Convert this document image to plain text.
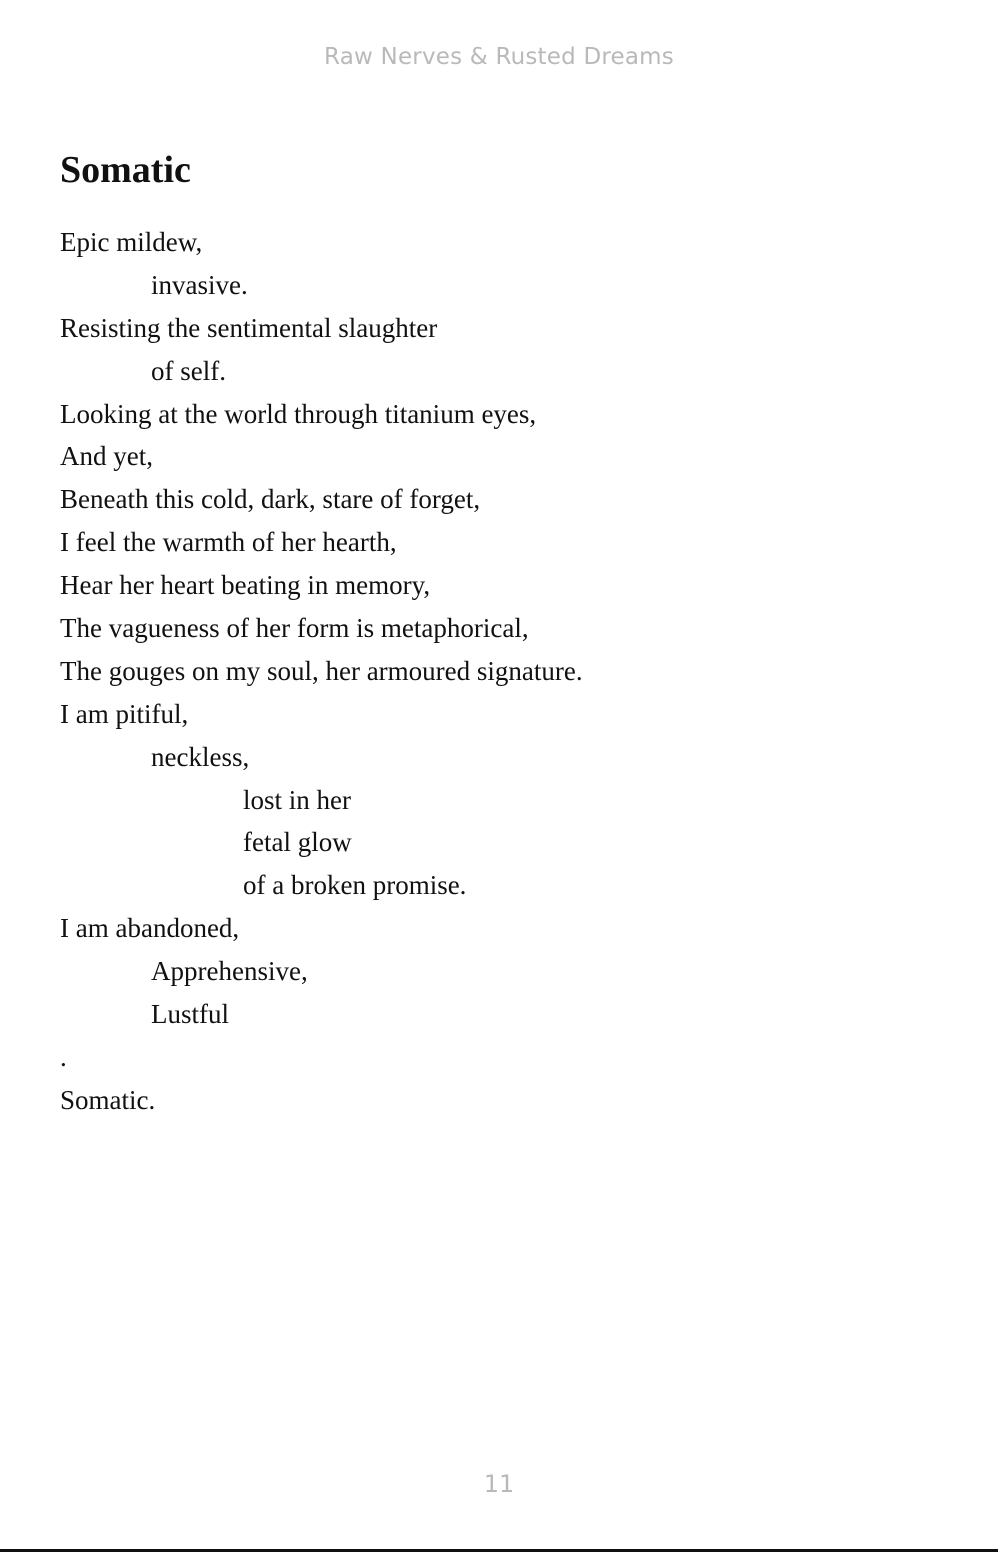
Raw Nerves & Rusted Dreams
Somatic
Epic mildew,
invasive.
Resisting the sentimental slaughter
of self.
Looking at the world through titanium eyes,
And yet,
Beneath this cold, dark, stare of forget,
I feel the warmth of her hearth,
Hear her heart beating in memory,
The vagueness of her form is metaphorical,
The gouges on my soul, her armoured signature.
I am pitiful,
neckless,
lost in her
fetal glow
of a broken promise.
I am abandoned,
Apprehensive,
Lustful
.
Somatic.
11
